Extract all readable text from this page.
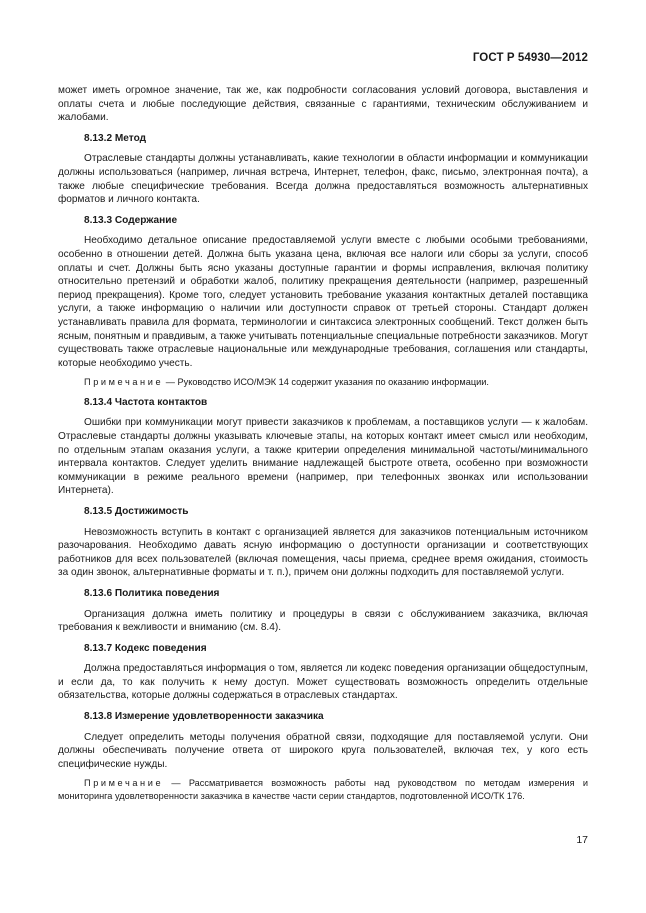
ГОСТ Р 54930—2012

может иметь огромное значение, так же, как подробности согласования условий договора, выставления и оплаты счета и любые последующие действия, связанные с гарантиями, техническим обслуживанием и жалобами.

8.13.2 Метод

Отраслевые стандарты должны устанавливать, какие технологии в области информации и коммуникации должны использоваться (например, личная встреча, Интернет, телефон, факс, письмо, электронная почта), а также любые специфические требования. Всегда должна предоставляться возможность альтернативных форматов и личного контакта.

8.13.3 Содержание

Необходимо детальное описание предоставляемой услуги вместе с любыми особыми требованиями, особенно в отношении детей. Должна быть указана цена, включая все налоги или сборы за услуги, способ оплаты и счет. Должны быть ясно указаны доступные гарантии и формы исправления, включая политику относительно претензий и обработки жалоб, политику прекращения деятельности (например, разрешенный период прекращения). Кроме того, следует установить требование указания контактных деталей поставщика услуги, а также информацию о наличии или доступности справок от третьей стороны. Стандарт должен устанавливать правила для формата, терминологии и синтаксиса электронных сообщений. Текст должен быть ясным, понятным и правдивым, а также учитывать потенциальные специальные потребности заказчиков. Могут существовать также отраслевые национальные или международные требования, соглашения или стандарты, которые необходимо учесть.

Примечание — Руководство ИСО/МЭК 14 содержит указания по оказанию информации.
8.13.4 Частота контактов

Ошибки при коммуникации могут привести заказчиков к проблемам, а поставщиков услуги — к жалобам. Отраслевые стандарты должны указывать ключевые этапы, на которых контакт имеет смысл или необходим, по отдельным этапам оказания услуги, а также критерии определения минимальной частоты/минимального интервала контактов. Следует уделить внимание надлежащей быстроте ответа, особенно при возможности коммуникации в режиме реального времени (например, при телефонных звонках или использовании Интернета).

8.13.5 Достижимость

Невозможность вступить в контакт с организацией является для заказчиков потенциальным источником разочарования. Необходимо давать ясную информацию о доступности организации и соответствующих работников для всех пользователей (включая помещения, часы приема, среднее время ожидания, стоимость за один звонок, альтернативные форматы и т. п.), причем они должны подходить для поставляемой услуги.

8.13.6 Политика поведения

Организация должна иметь политику и процедуры в связи с обслуживанием заказчика, включая требования к вежливости и вниманию (см. 8.4).

8.13.7 Кодекс поведения

Должна предоставляться информация о том, является ли кодекс поведения организации общедоступным, и если да, то как получить к нему доступ. Может существовать возможность определить отдельные обязательства, которые должны содержаться в отраслевых стандартах.

8.13.8 Измерение удовлетворенности заказчика

Следует определить методы получения обратной связи, подходящие для поставляемой услуги. Они должны обеспечивать получение ответа от широкого круга пользователей, включая тех, у кого есть специфические нужды.

Примечание — Рассматривается возможность работы над руководством по методам измерения и мониторинга удовлетворенности заказчика в качестве части серии стандартов, подготовленной ИСО/ТК 176.
17
